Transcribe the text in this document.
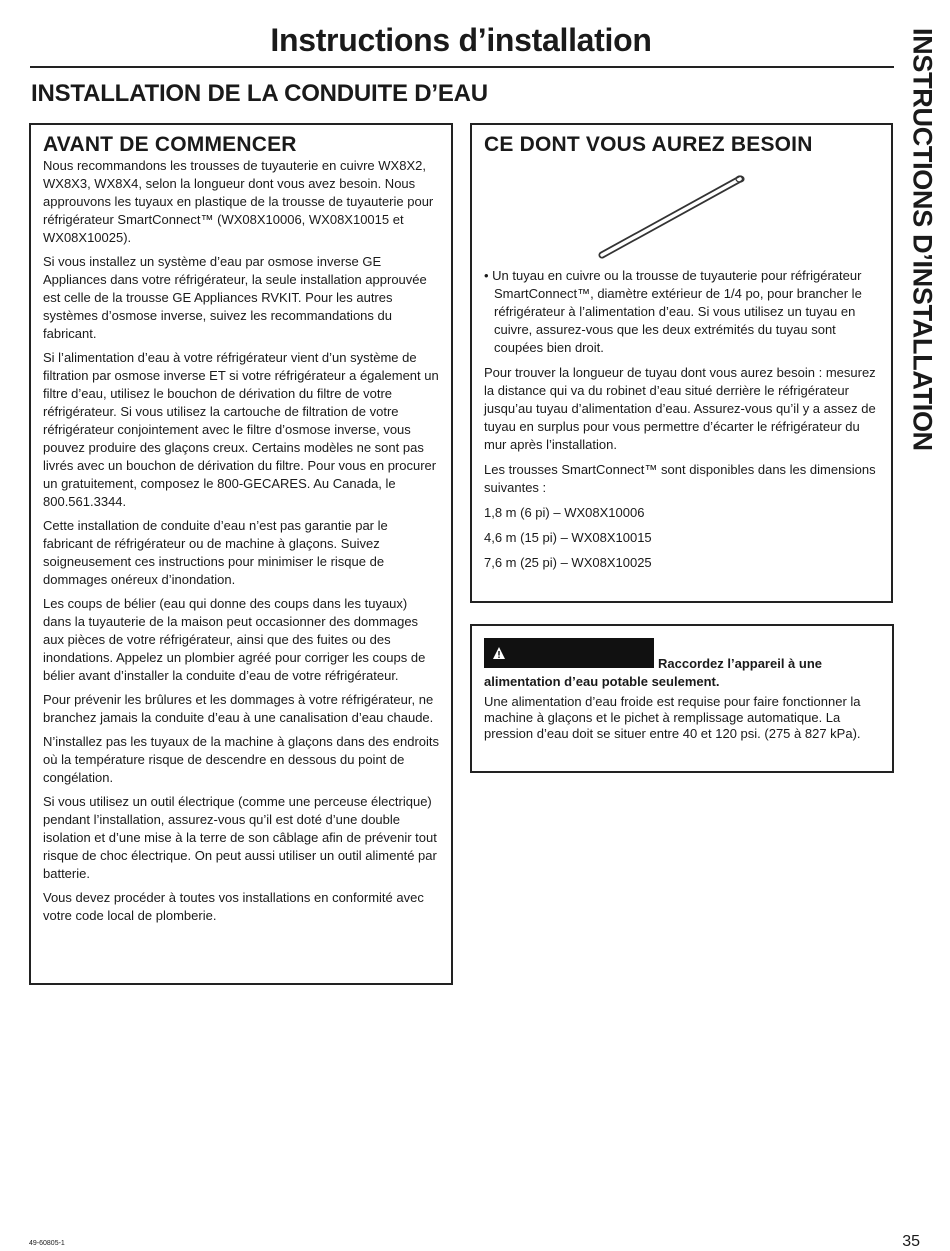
Instructions d’installation
INSTALLATION DE LA CONDUITE D’EAU	INSTRUCTIONS D’INSTALLATION
AVANT DE COMMENCER

Nous recommandons les trousses de tuyauterie en cuivre WX8X2, WX8X3, WX8X4, selon la longueur dont vous avez besoin. Nous approuvons les tuyaux en plastique de la trousse de tuyauterie pour réfrigérateur SmartConnect™ (WX08X10006, WX08X10015 et WX08X10025).

Si vous installez un système d’eau par osmose inverse GE Appliances dans votre réfrigérateur, la seule installation approuvée est celle de la trousse GE Appliances RVKIT. Pour les autres systèmes d’osmose inverse, suivez les recommandations du fabricant.

Si l’alimentation d’eau à votre réfrigérateur vient d’un système de filtration par osmose inverse ET si votre réfrigérateur a également un filtre d’eau, utilisez le bouchon de dérivation du filtre de votre réfrigérateur. Si vous utilisez la cartouche de filtration de votre réfrigérateur conjointement avec le filtre d’osmose inverse, vous pouvez produire des glaçons creux. Certains modèles ne sont pas livrés avec un bouchon de dérivation du filtre. Pour vous en procurer un gratuitement, composez le 800-GECARES. Au Canada, le 800.561.3344.

Cette installation de conduite d’eau n’est pas garantie par le fabricant de réfrigérateur ou de machine à glaçons. Suivez soigneusement ces instructions pour minimiser le risque de dommages onéreux d’inondation.

Les coups de bélier (eau qui donne des coups dans les tuyaux) dans la tuyauterie de la maison peut occasionner des dommages aux pièces de votre réfrigérateur, ainsi que des fuites ou des inondations. Appelez un plombier agréé pour corriger les coups de bélier avant d’installer la conduite d’eau de votre réfrigérateur.

Pour prévenir les brûlures et les dommages à votre réfrigérateur, ne branchez jamais la conduite d’eau à une canalisation d’eau chaude.

N’installez pas les tuyaux de la machine à glaçons dans des endroits où la température risque de descendre en dessous du point de congélation.

Si vous utilisez un outil électrique (comme une perceuse électrique) pendant l’installation, assurez-vous qu’il est doté d’une double isolation et d’une mise à la terre de son câblage afin de prévenir tout risque de choc électrique. On peut aussi utiliser un outil alimenté par batterie.

Vous devez procéder à toutes vos installations en conformité avec votre code local de plomberie.

CE DONT VOUS AUREZ BESOIN

• Un tuyau en cuivre ou la trousse de tuyauterie pour réfrigérateur SmartConnect™, diamètre extérieur de 1/4 po, pour brancher le réfrigérateur à l’alimentation d’eau. Si vous utilisez un tuyau en cuivre, assurez-vous que les deux extrémités du tuyau sont coupées bien droit.

Pour trouver la longueur de tuyau dont vous aurez besoin : mesurez la distance qui va du robinet d’eau situé derrière le réfrigérateur jusqu’au tuyau d’alimentation d’eau. Assurez-vous qu’il y a assez de tuyau en surplus pour vous permettre d’écarter le réfrigérateur du mur après l’installation.

Les trousses SmartConnect™ sont disponibles dans les dimensions suivantes :

1,8 m (6 pi) – WX08X10006

4,6 m (15 pi) – WX08X10015

7,6 m (25 pi) – WX08X10025

Raccordez l’appareil à une
alimentation d’eau potable seulement.

Une alimentation d’eau froide est requise pour faire fonctionner la machine à glaçons et le pichet à remplissage automatique. La pression d’eau doit se situer entre 40 et 120 psi. (275 à 827 kPa).

49-60805-1	35
